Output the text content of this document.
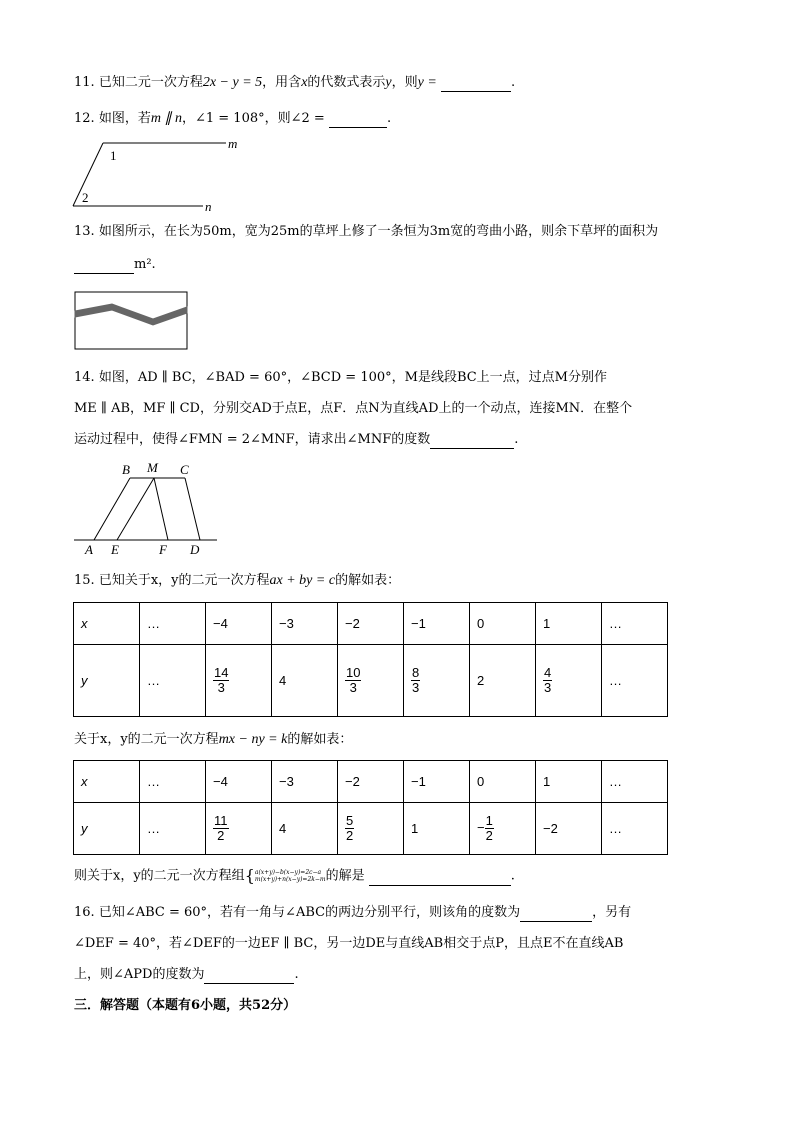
11. 已知二元一次方程2x − y = 5，用含x的代数式表示y，则y =	.
12. 如图，若m ∥ n，∠1 = 108°，则∠2 =	.
1
2
m
n
13. 如图所示，在长为50m，宽为25m的草坪上修了一条恒为3m宽的弯曲小路，则余下草坪的面积为
m².
14. 如图，AD ∥ BC，∠BAD = 60°，∠BCD = 100°，M是线段BC上一点，过点M分别作
ME ∥ AB，MF ∥ CD，分别交AD于点E，点F．点N为直线AD上的一个动点，连接MN．在整个
运动过程中，使得∠FMN = 2∠MNF，请求出∠MNF的度数	.
B M C
A E	F D
15. 已知关于x，y的二元一次方程ax + by = c的解如表：
x	…	−4	−3	−2	−1	0	1	…
y	…	$\frac{14}{3}$	4	$\frac{10}{3}$	$\frac{8}{3}$	2	$\frac{4}{3}$	…
关于x，y的二元一次方程mx − ny = k的解如表：
x	…	−4	−3	−2	−1	0	1	…
y	…	$\frac{11}{2}$	4	$\frac{5}{2}$	1	− $\frac{1}{2}$	−2	…
则关于x，y的二元一次方程组{a(x+y)−b(x−y)=2c−a
m(x+y)+n(x−y)=2k−m的解是	.
16. 已知∠ABC = 60°，若有一角与∠ABC的两边分别平行，则该角的度数为	，另有
∠DEF = 40°，若∠DEF的一边EF ∥ BC，另一边DE与直线AB相交于点P，且点E不在直线AB
上，则∠APD的度数为	.
三．解答题（本题有6小题，共52分）
